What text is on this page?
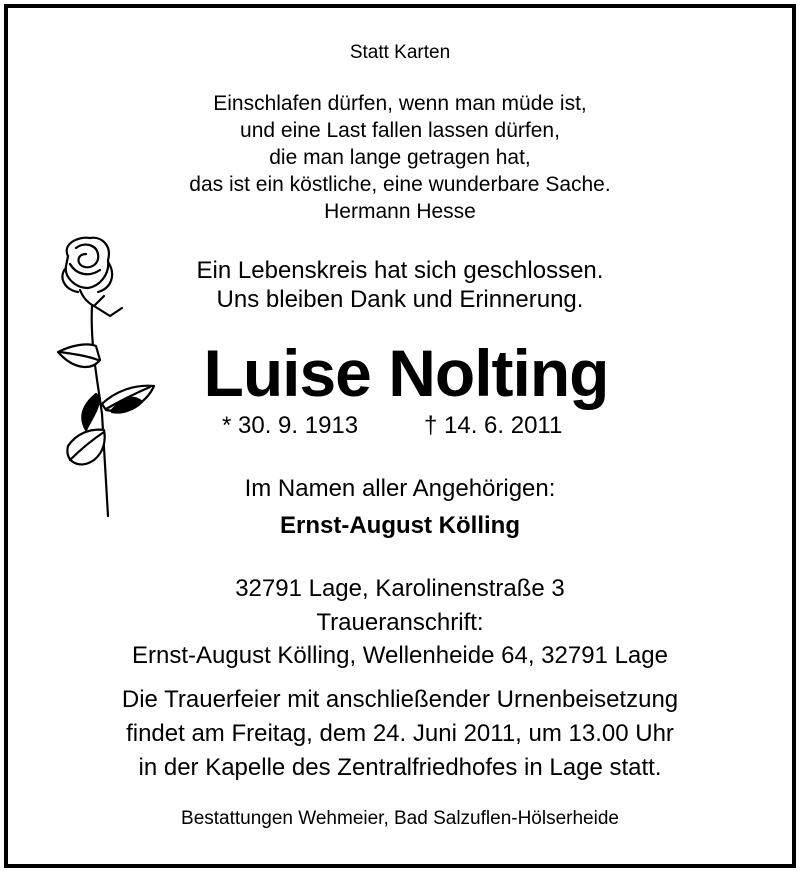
Statt Karten
Einschlafen dürfen, wenn man müde ist,
und eine Last fallen lassen dürfen,
die man lange getragen hat,
das ist ein köstliche, eine wunderbare Sache.
Hermann Hesse
Ein Lebenskreis hat sich geschlossen.
Uns bleiben Dank und Erinnerung.
Luise Nolting
* 30. 9. 1913	† 14. 6. 2011
Im Namen aller Angehörigen:
Ernst-August Kölling
32791 Lage, Karolinenstraße 3
Traueranschrift:
Ernst-August Kölling, Wellenheide 64, 32791 Lage
Die Trauerfeier mit anschließender Urnenbeisetzung
findet am Freitag, dem 24. Juni 2011, um 13.00 Uhr
in der Kapelle des Zentralfriedhofes in Lage statt.
Bestattungen Wehmeier, Bad Salzuflen-Hölserheide
